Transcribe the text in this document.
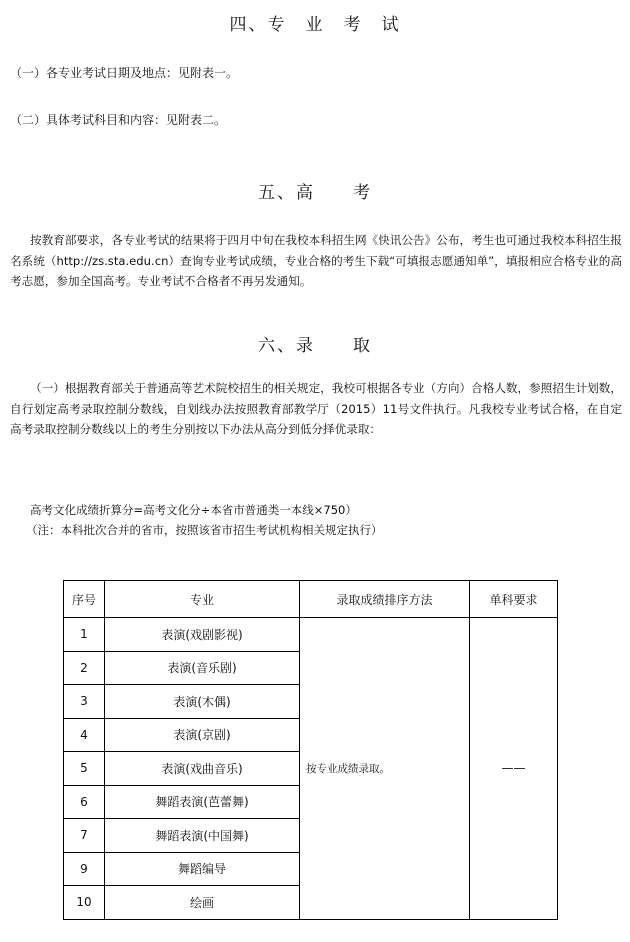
四、专　业　考　试
（一）各专业考试日期及地点：见附表一。
（二）具体考试科目和内容：见附表二。
五、高　　考
按教育部要求，各专业考试的结果将于四月中旬在我校本科招生网《快讯公告》公布，考生也可通过我校本科招生报名系统（http://zs.sta.edu.cn）查询专业考试成绩，专业合格的考生下载“可填报志愿通知单”，填报相应合格专业的高考志愿，参加全国高考。专业考试不合格者不再另发通知。
六、录　　取
（一）根据教育部关于普通高等艺术院校招生的相关规定，我校可根据各专业（方向）合格人数，参照招生计划数，自行划定高考录取控制分数线，自划线办法按照教育部教学厅（2015）11号文件执行。凡我校专业考试合格，在自定高考录取控制分数线以上的考生分别按以下办法从高分到低分择优录取：
高考文化成绩折算分=高考文化分÷本省市普通类一本线×750）
（注：本科批次合并的省市，按照该省市招生考试机构相关规定执行）
序号	专业	录取成绩排序方法	单科要求
1	表演(戏剧影视)	按专业成绩录取。	——
2	表演(音乐剧)		
3	表演(木偶)		
4	表演(京剧)		
5	表演(戏曲音乐)		
6	舞蹈表演(芭蕾舞)		
7	舞蹈表演(中国舞)		
9	舞蹈编导		
10	绘画		
